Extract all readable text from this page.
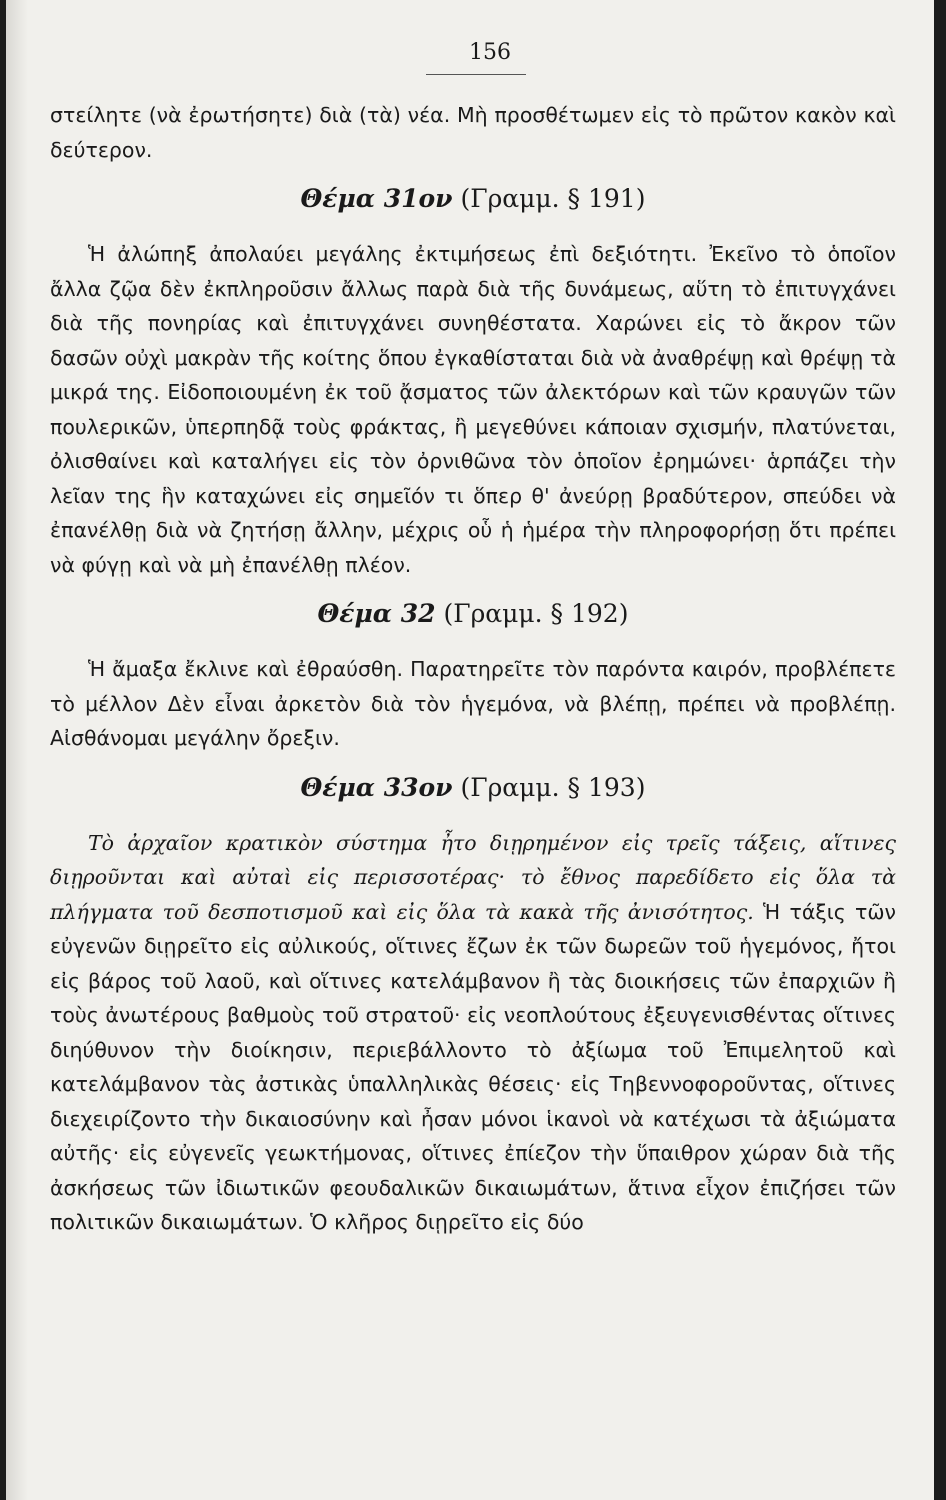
156

στείλητε (νὰ ἐρωτήσητε) διὰ (τὰ) νέα. Μὴ προσθέτωμεν εἰς τὸ πρῶτον κακὸν καὶ δεύτερον.

Θέμα 31ον (Γραμμ. § 191)

Ἡ ἀλώπηξ ἀπολαύει μεγάλης ἐκτιμήσεως ἐπὶ δεξιότητι. Ἐκεῖνο τὸ ὁποῖον ἄλλα ζῷα δὲν ἐκπληροῦσιν ἄλλως παρὰ διὰ τῆς δυνάμεως, αὕτη τὸ ἐπιτυγχάνει διὰ τῆς πονηρίας καὶ ἐπιτυγχάνει συνηθέστατα. Χαρώνει εἰς τὸ ἄκρον τῶν δασῶν οὐχὶ μακρὰν τῆς κοίτης ὅπου ἐγκαθίσταται διὰ νὰ ἀναθρέψῃ καὶ θρέψῃ τὰ μικρά της. Εἰδοποιουμένη ἐκ τοῦ ᾄσματος τῶν ἀλεκτόρων καὶ τῶν κραυγῶν τῶν πουλερικῶν, ὑπερπηδᾷ τοὺς φράκτας, ἢ μεγεθύνει κάποιαν σχισμήν, πλατύνεται, ὀλισθαίνει καὶ καταλήγει εἰς τὸν ὀρνιθῶνα τὸν ὁποῖον ἐρημώνει· ἁρπάζει τὴν λεῖαν της ἣν καταχώνει εἰς σημεῖόν τι ὅπερ θ' ἀνεύρῃ βραδύτερον, σπεύδει νὰ ἐπανέλθῃ διὰ νὰ ζητήσῃ ἄλλην, μέχρις οὗ ἡ ἡμέρα τὴν πληροφορήσῃ ὅτι πρέπει νὰ φύγῃ καὶ νὰ μὴ ἐπανέλθῃ πλέον.

Θέμα 32 (Γραμμ. § 192)

Ἡ ἄμαξα ἔκλινε καὶ ἐθραύσθη. Παρατηρεῖτε τὸν παρόντα καιρόν, προβλέπετε τὸ μέλλον Δὲν εἶναι ἀρκετὸν διὰ τὸν ἡγεμόνα, νὰ βλέπῃ, πρέπει νὰ προβλέπῃ. Αἰσθάνομαι μεγάλην ὄρεξιν.

Θέμα 33ον (Γραμμ. § 193)

Τὸ ἀρχαῖον κρατικὸν σύστημα ἦτο διῃρημένον εἰς τρεῖς τάξεις, αἵτινες διῃροῦνται καὶ αὐταὶ εἰς περισσοτέρας· τὸ ἔθνος παρεδίδετο εἰς ὅλα τὰ πλήγματα τοῦ δεσποτισμοῦ καὶ εἰς ὅλα τὰ κακὰ τῆς ἀνισότητος. Ἡ τάξις τῶν εὐγενῶν διῃρεῖτο εἰς αὐλικούς, οἵτινες ἔζων ἐκ τῶν δωρεῶν τοῦ ἡγεμόνος, ἤτοι εἰς βάρος τοῦ λαοῦ, καὶ οἵτινες κατελάμβανον ἢ τὰς διοικήσεις τῶν ἐπαρχιῶν ἢ τοὺς ἀνωτέρους βαθμοὺς τοῦ στρατοῦ· εἰς νεοπλούτους ἐξευγενισθέντας οἵτινες διηύθυνον τὴν διοίκησιν, περιεβάλλοντο τὸ ἀξίωμα τοῦ Ἐπιμελητοῦ καὶ κατελάμβανον τὰς ἀστικὰς ὑπαλληλικὰς θέσεις· εἰς Τηβεννοφοροῦντας, οἵτινες διεχειρίζοντο τὴν δικαιοσύνην καὶ ἦσαν μόνοι ἱκανοὶ νὰ κατέχωσι τὰ ἀξιώματα αὐτῆς· εἰς εὐγενεῖς γεωκτήμονας, οἵτινες ἐπίεζον τὴν ὕπαιθρον χώραν διὰ τῆς ἀσκήσεως τῶν ἰδιωτικῶν φεουδαλικῶν δικαιωμάτων, ἅτινα εἶχον ἐπιζήσει τῶν πολιτικῶν δικαιωμάτων. Ὁ κλῆρος διῃρεῖτο εἰς δύο
